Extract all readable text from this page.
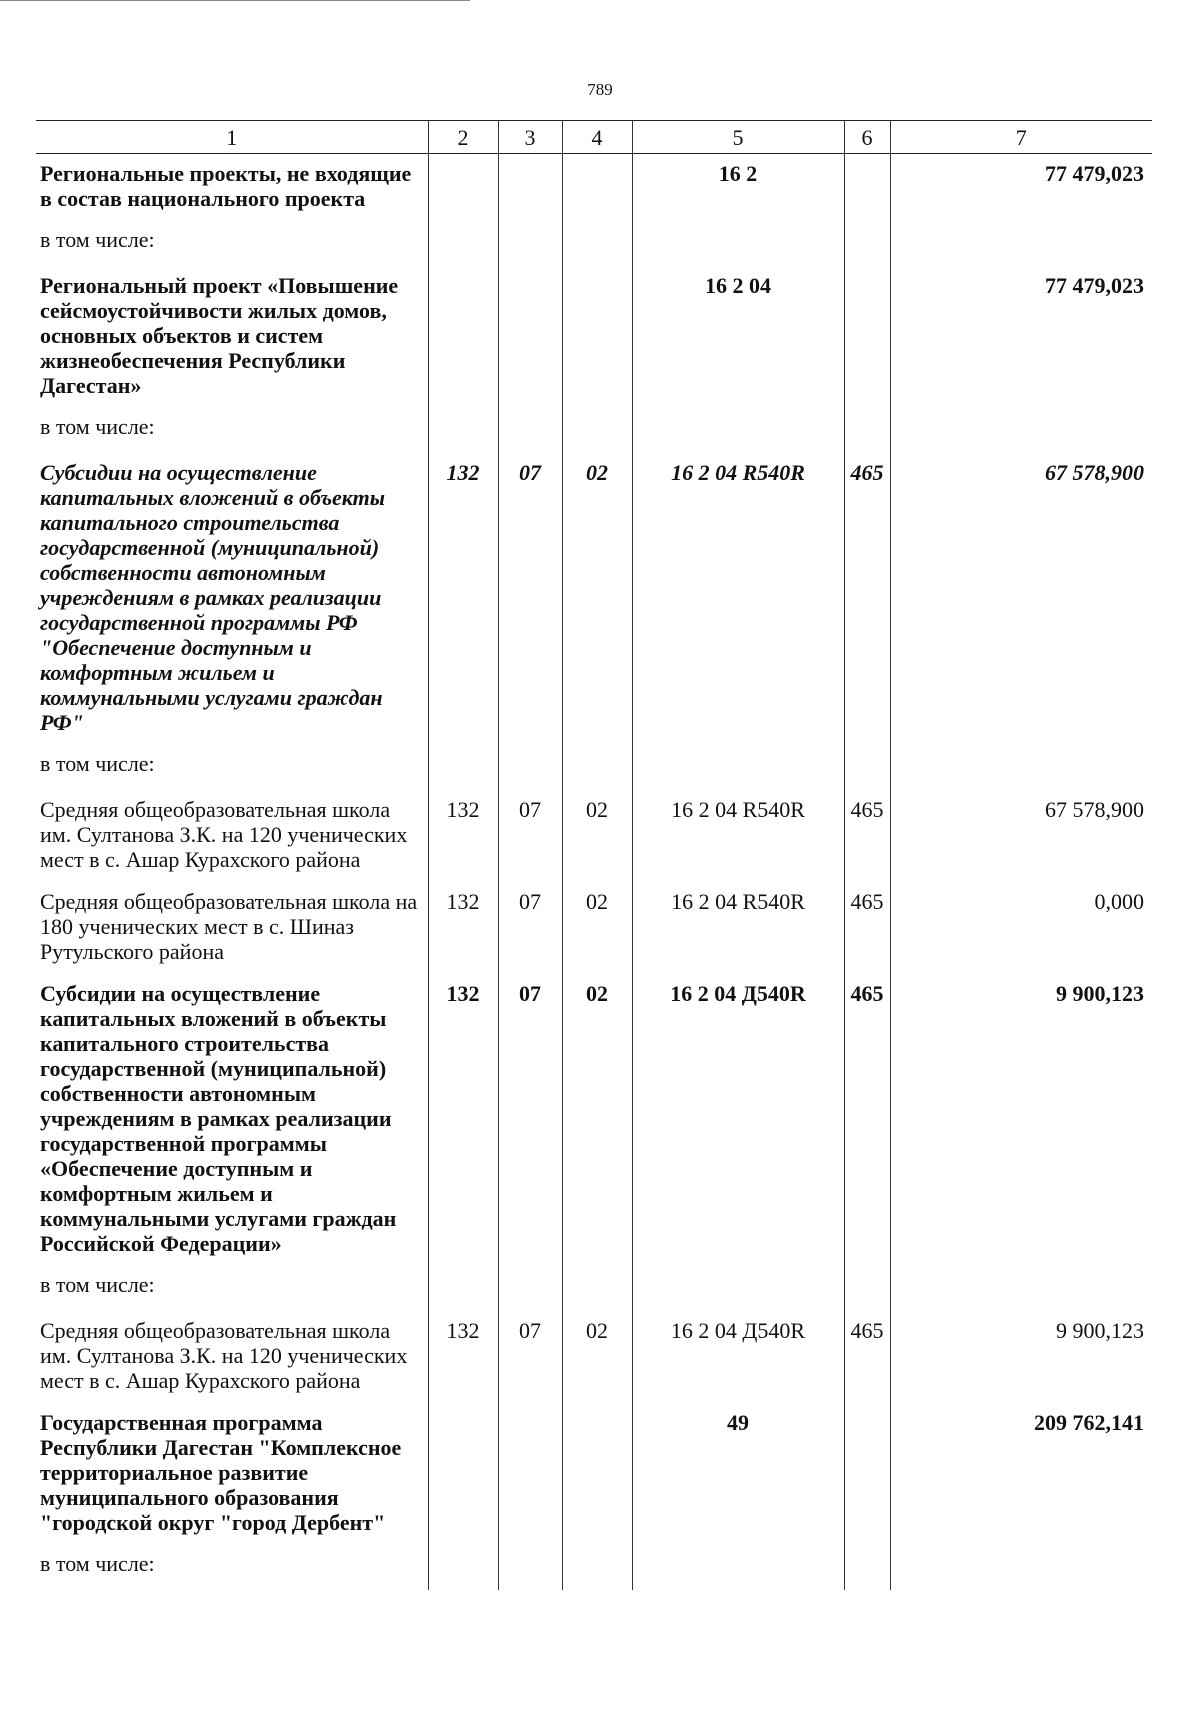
789
1	2	3	4	5	6	7
Региональные проекты, не входящие в состав национального проекта				16 2		77 479,023
в том числе:						
Региональный проект «Повышение сейсмоустойчивости жилых домов, основных объектов и систем жизнеобеспечения Республики Дагестан»				16 2 04		77 479,023
в том числе:						
Субсидии на осуществление капитальных вложений в объекты капитального строительства государственной (муниципальной) собственности автономным учреждениям в рамках реализации государственной программы РФ "Обеспечение доступным и комфортным жильем и коммунальными услугами граждан РФ"	132	07	02	16 2 04 R540R	465	67 578,900
в том числе:						
Средняя общеобразовательная школа им. Султанова З.К. на 120 ученических мест в с. Ашар Курахского района	132	07	02	16 2 04 R540R	465	67 578,900
Средняя общеобразовательная школа на 180 ученических мест в с. Шиназ Рутульского района	132	07	02	16 2 04 R540R	465	0,000
Субсидии на осуществление капитальных вложений в объекты капитального строительства государственной (муниципальной) собственности автономным учреждениям в рамках реализации государственной программы «Обеспечение доступным и комфортным жильем и коммунальными услугами граждан Российской Федерации»	132	07	02	16 2 04 Д540R	465	9 900,123
в том числе:						
Средняя общеобразовательная школа им. Султанова З.К. на 120 ученических мест в с. Ашар Курахского района	132	07	02	16 2 04 Д540R	465	9 900,123
Государственная программа Республики Дагестан "Комплексное территориальное развитие муниципального образования "городской округ "город Дербент"				49		209 762,141
в том числе:						
